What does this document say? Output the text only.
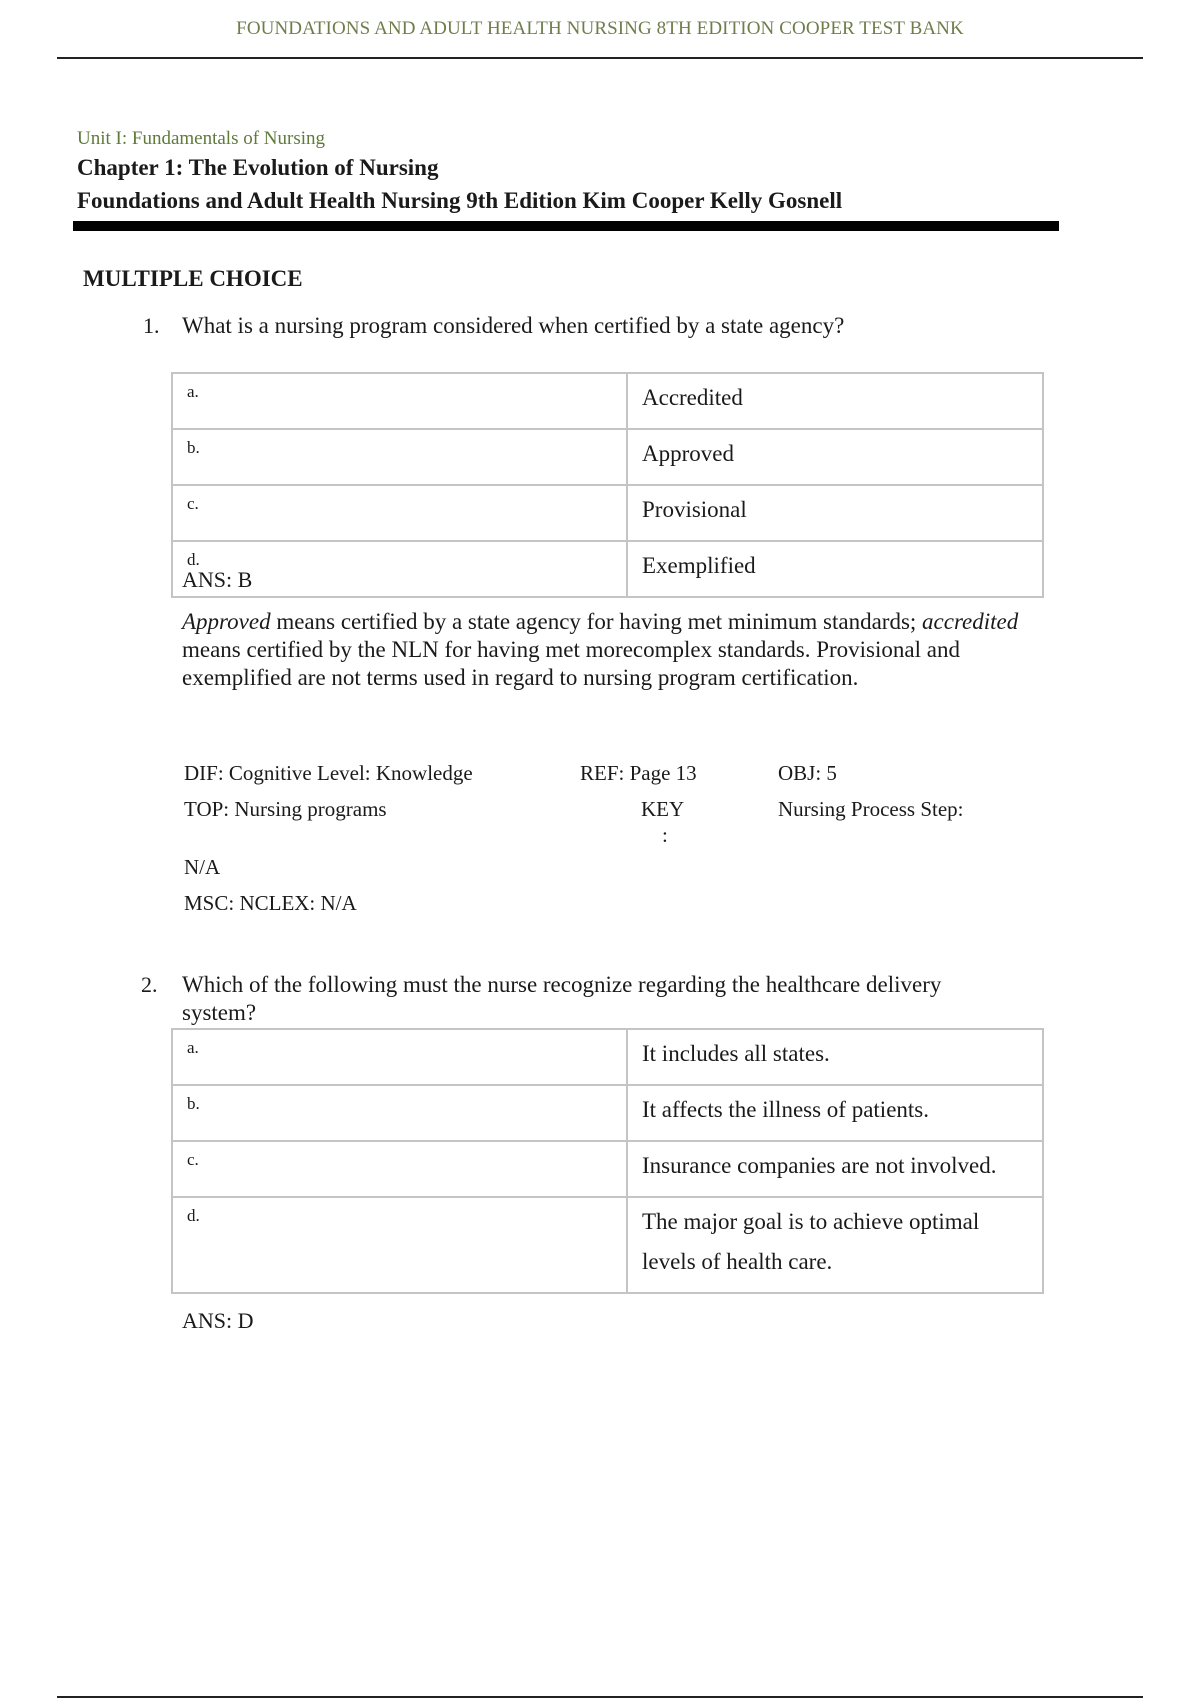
FOUNDATIONS AND ADULT HEALTH NURSING 8TH EDITION COOPER TEST BANK
Unit I: Fundamentals of Nursing
Chapter 1: The Evolution of Nursing
Foundations and Adult Health Nursing 9th Edition Kim Cooper Kelly Gosnell
MULTIPLE CHOICE
1. What is a nursing program considered when certified by a state agency?
a.	Accredited
b.	Approved
c.	Provisional
d.	Exemplified
ANS: B
Approved means certified by a state agency for having met minimum standards; accredited means certified by the NLN for having met morecomplex standards. Provisional and exemplified are not terms used in regard to nursing program certification.
DIF: Cognitive Level: Knowledge	REF: Page 13	OBJ: 5
TOP: Nursing programs	KEY
:
Nursing Process Step:
N/A
MSC: NCLEX: N/A
2. Which of the following must the nurse recognize regarding the healthcare delivery system?
a.	It includes all states.
b.	It affects the illness of patients.
c.	Insurance companies are not involved.
d.	The major goal is to achieve optimal levels of health care.
ANS: D
